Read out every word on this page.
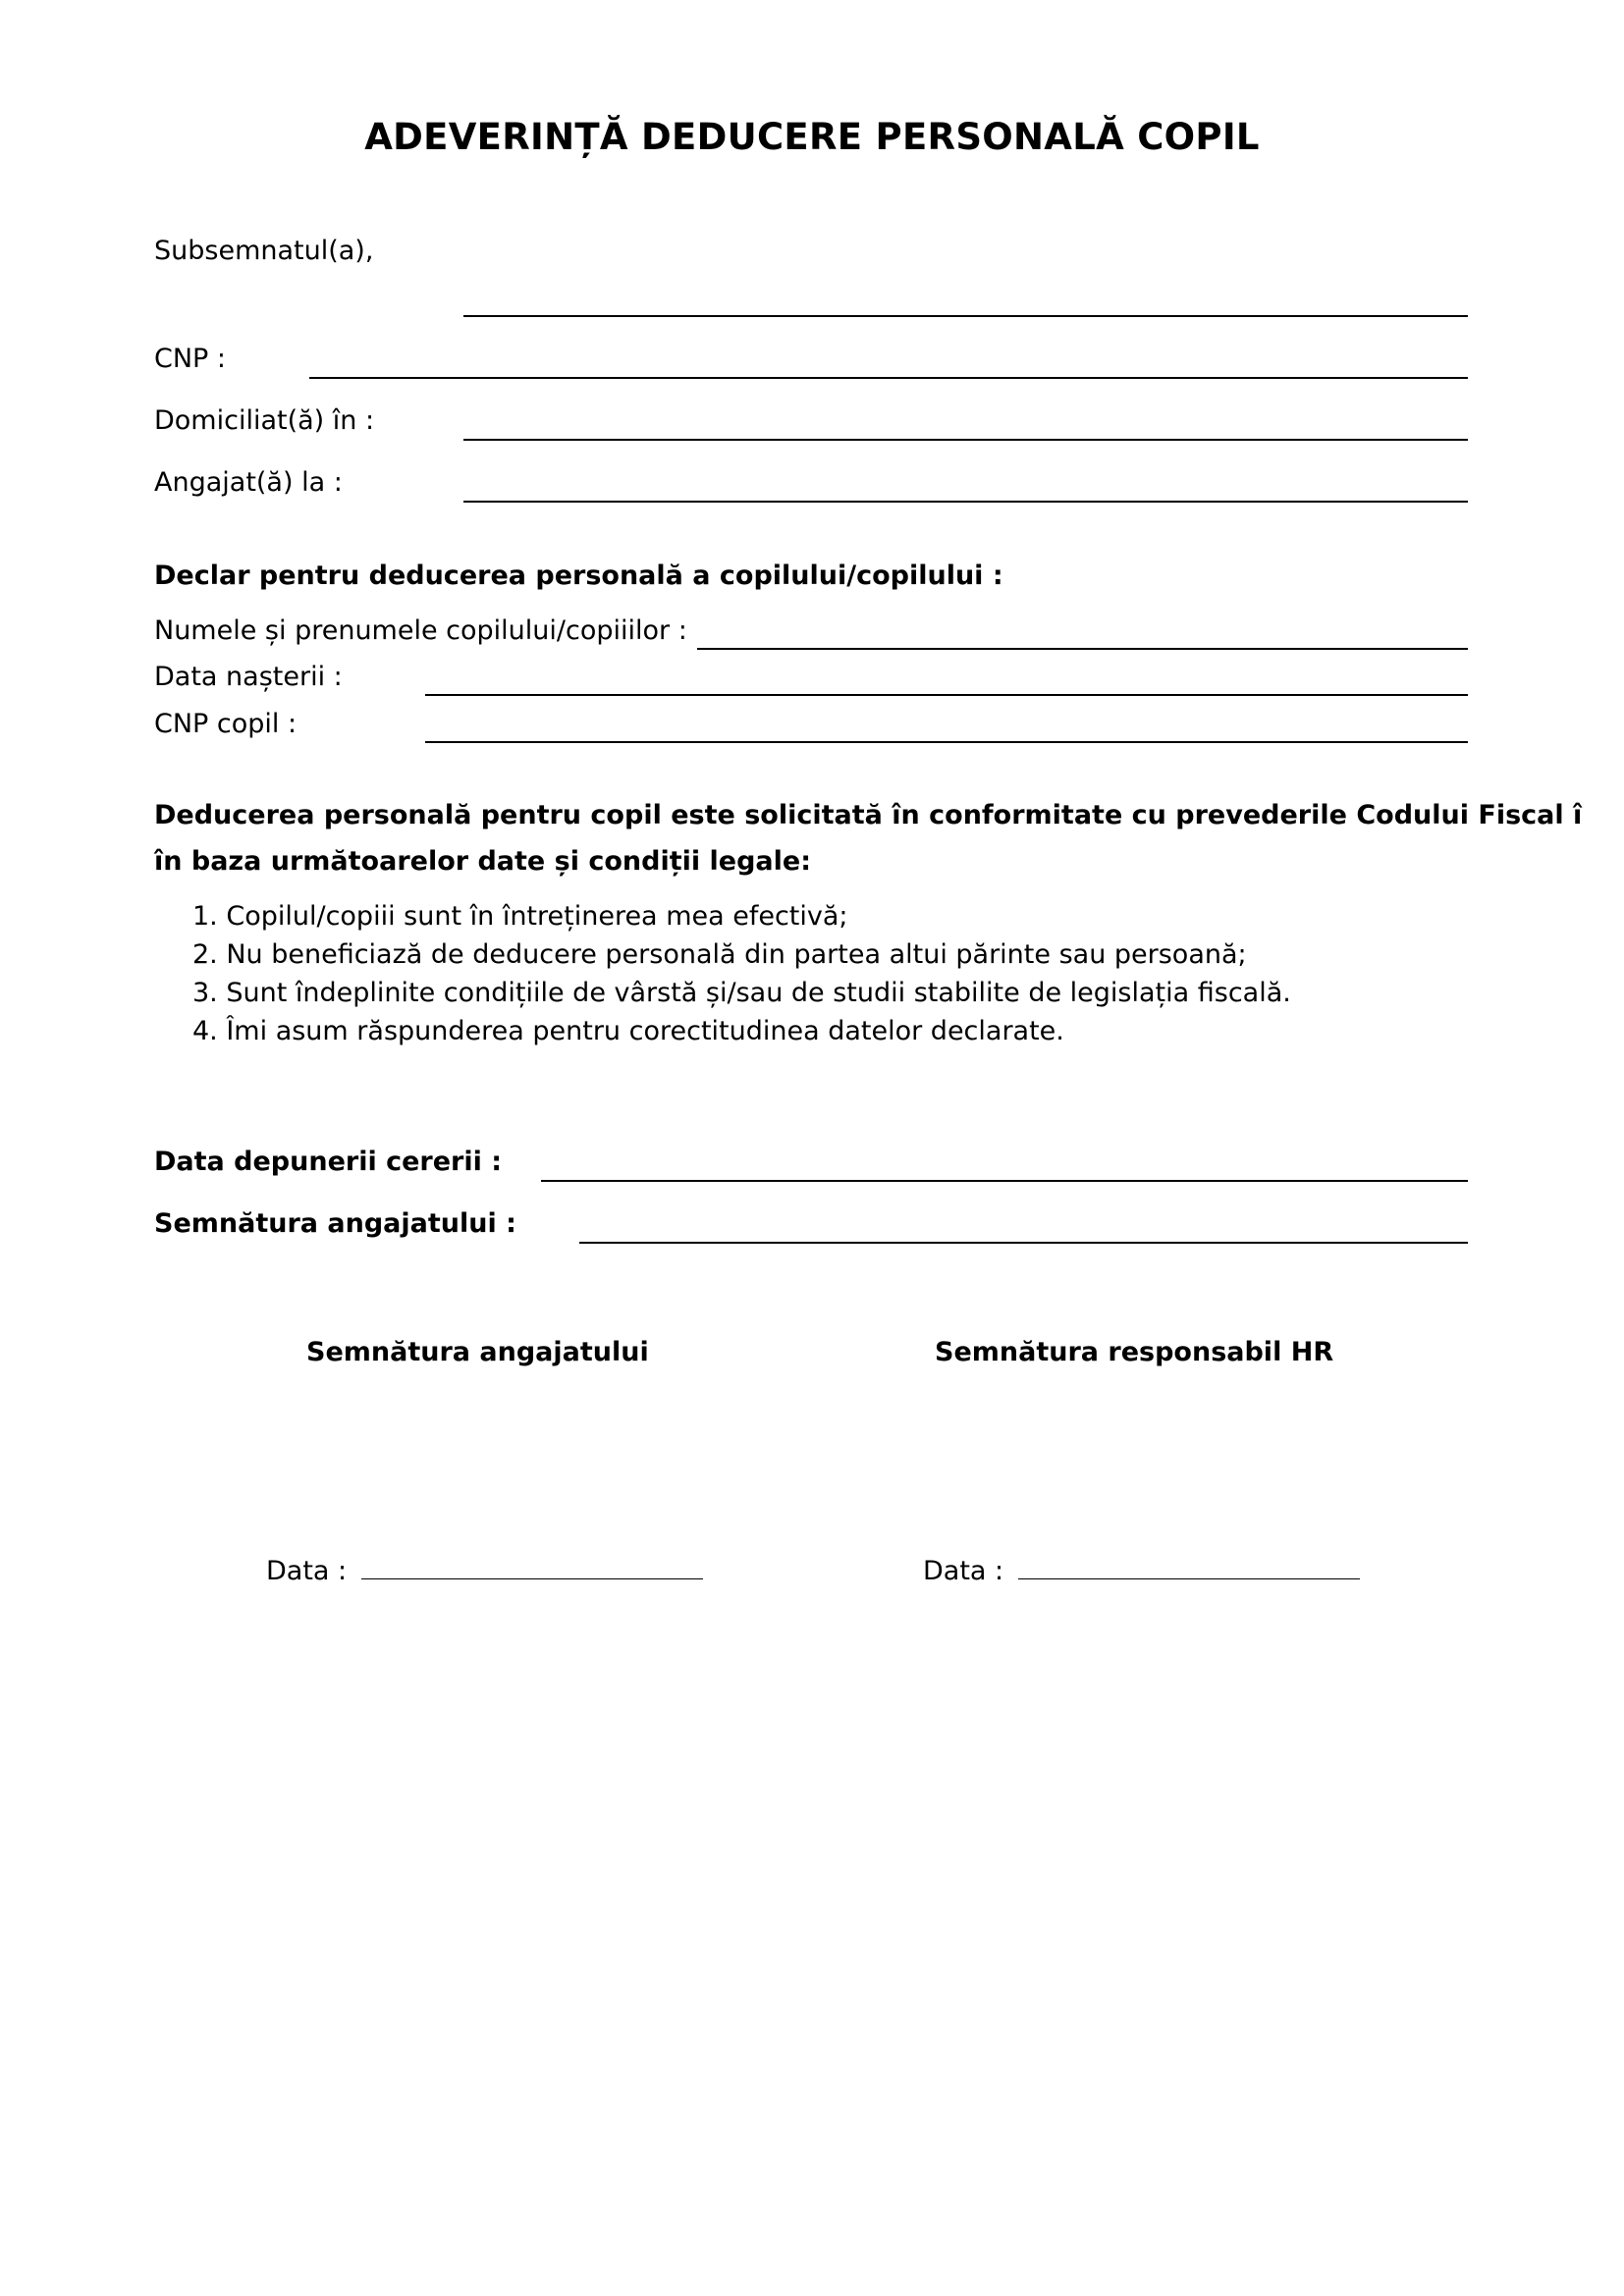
ADEVERINȚĂ DEDUCERE PERSONALĂ COPIL
Subsemnatul(a),
CNP :
Domiciliat(ă) în :
Angajat(ă) la :
Declar pentru deducerea personală a copilului/copilului :
Numele și prenumele copilului/copiiilor :
Data nașterii :
CNP copil :
Deducerea personală pentru copil este solicitată în conformitate cu prevederile Codului Fiscal î
în baza următoarelor date și condiții legale:
1. Copilul/copiii sunt în întreținerea mea efectivă;
2. Nu beneficiază de deducere personală din partea altui părinte sau persoană;
3. Sunt îndeplinite condițiile de vârstă și/sau de studii stabilite de legislația fiscală.
4. Îmi asum răspunderea pentru corectitudinea datelor declarate.
Data depunerii cererii :
Semnătura angajatului :
Semnătura angajatului	Semnătura responsabil HR
Data :	Data :
